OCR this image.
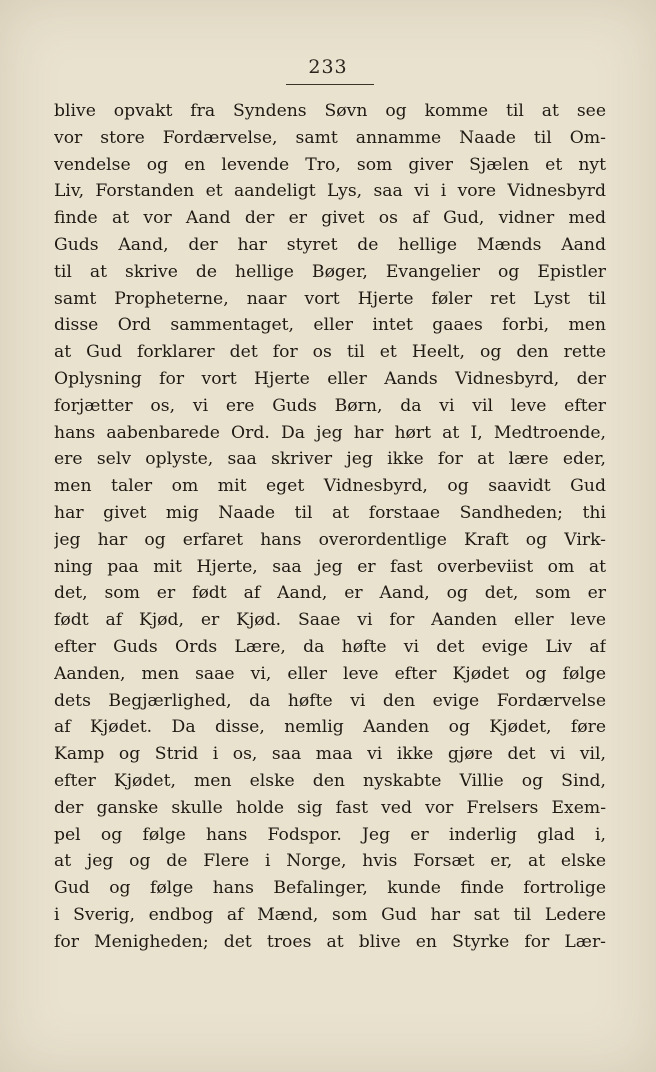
233
blive opvakt fra Syndens Søvn og komme til at see
vor store Fordærvelse, samt annamme Naade til Om-
vendelse og en levende Tro, som giver Sjælen et nyt
Liv, Forstanden et aandeligt Lys, saa vi i vore Vidnesbyrd
finde at vor Aand der er givet os af Gud, vidner med
Guds Aand, der har styret de hellige Mænds Aand
til at skrive de hellige Bøger, Evangelier og Epistler
samt Propheterne, naar vort Hjerte føler ret Lyst til
disse Ord sammentaget, eller intet gaaes forbi, men
at Gud forklarer det for os til et Heelt, og den rette
Oplysning for vort Hjerte eller Aands Vidnesbyrd, der
forjætter os, vi ere Guds Børn, da vi vil leve efter
hans aabenbarede Ord. Da jeg har hørt at I, Medtroende,
ere selv oplyste, saa skriver jeg ikke for at lære eder,
men taler om mit eget Vidnesbyrd, og saavidt Gud
har givet mig Naade til at forstaae Sandheden; thi
jeg har og erfaret hans overordentlige Kraft og Virk-
ning paa mit Hjerte, saa jeg er fast overbeviist om at
det, som er født af Aand, er Aand, og det, som er
født af Kjød, er Kjød. Saae vi for Aanden eller leve
efter Guds Ords Lære, da høfte vi det evige Liv af
Aanden, men saae vi, eller leve efter Kjødet og følge
dets Begjærlighed, da høfte vi den evige Fordærvelse
af Kjødet. Da disse, nemlig Aanden og Kjødet, føre
Kamp og Strid i os, saa maa vi ikke gjøre det vi vil,
efter Kjødet, men elske den nyskabte Villie og Sind,
der ganske skulle holde sig fast ved vor Frelsers Exem-
pel og følge hans Fodspor. Jeg er inderlig glad i,
at jeg og de Flere i Norge, hvis Forsæt er, at elske
Gud og følge hans Befalinger, kunde finde fortrolige
i Sverig, endbog af Mænd, som Gud har sat til Ledere
for Menigheden; det troes at blive en Styrke for Lær-
